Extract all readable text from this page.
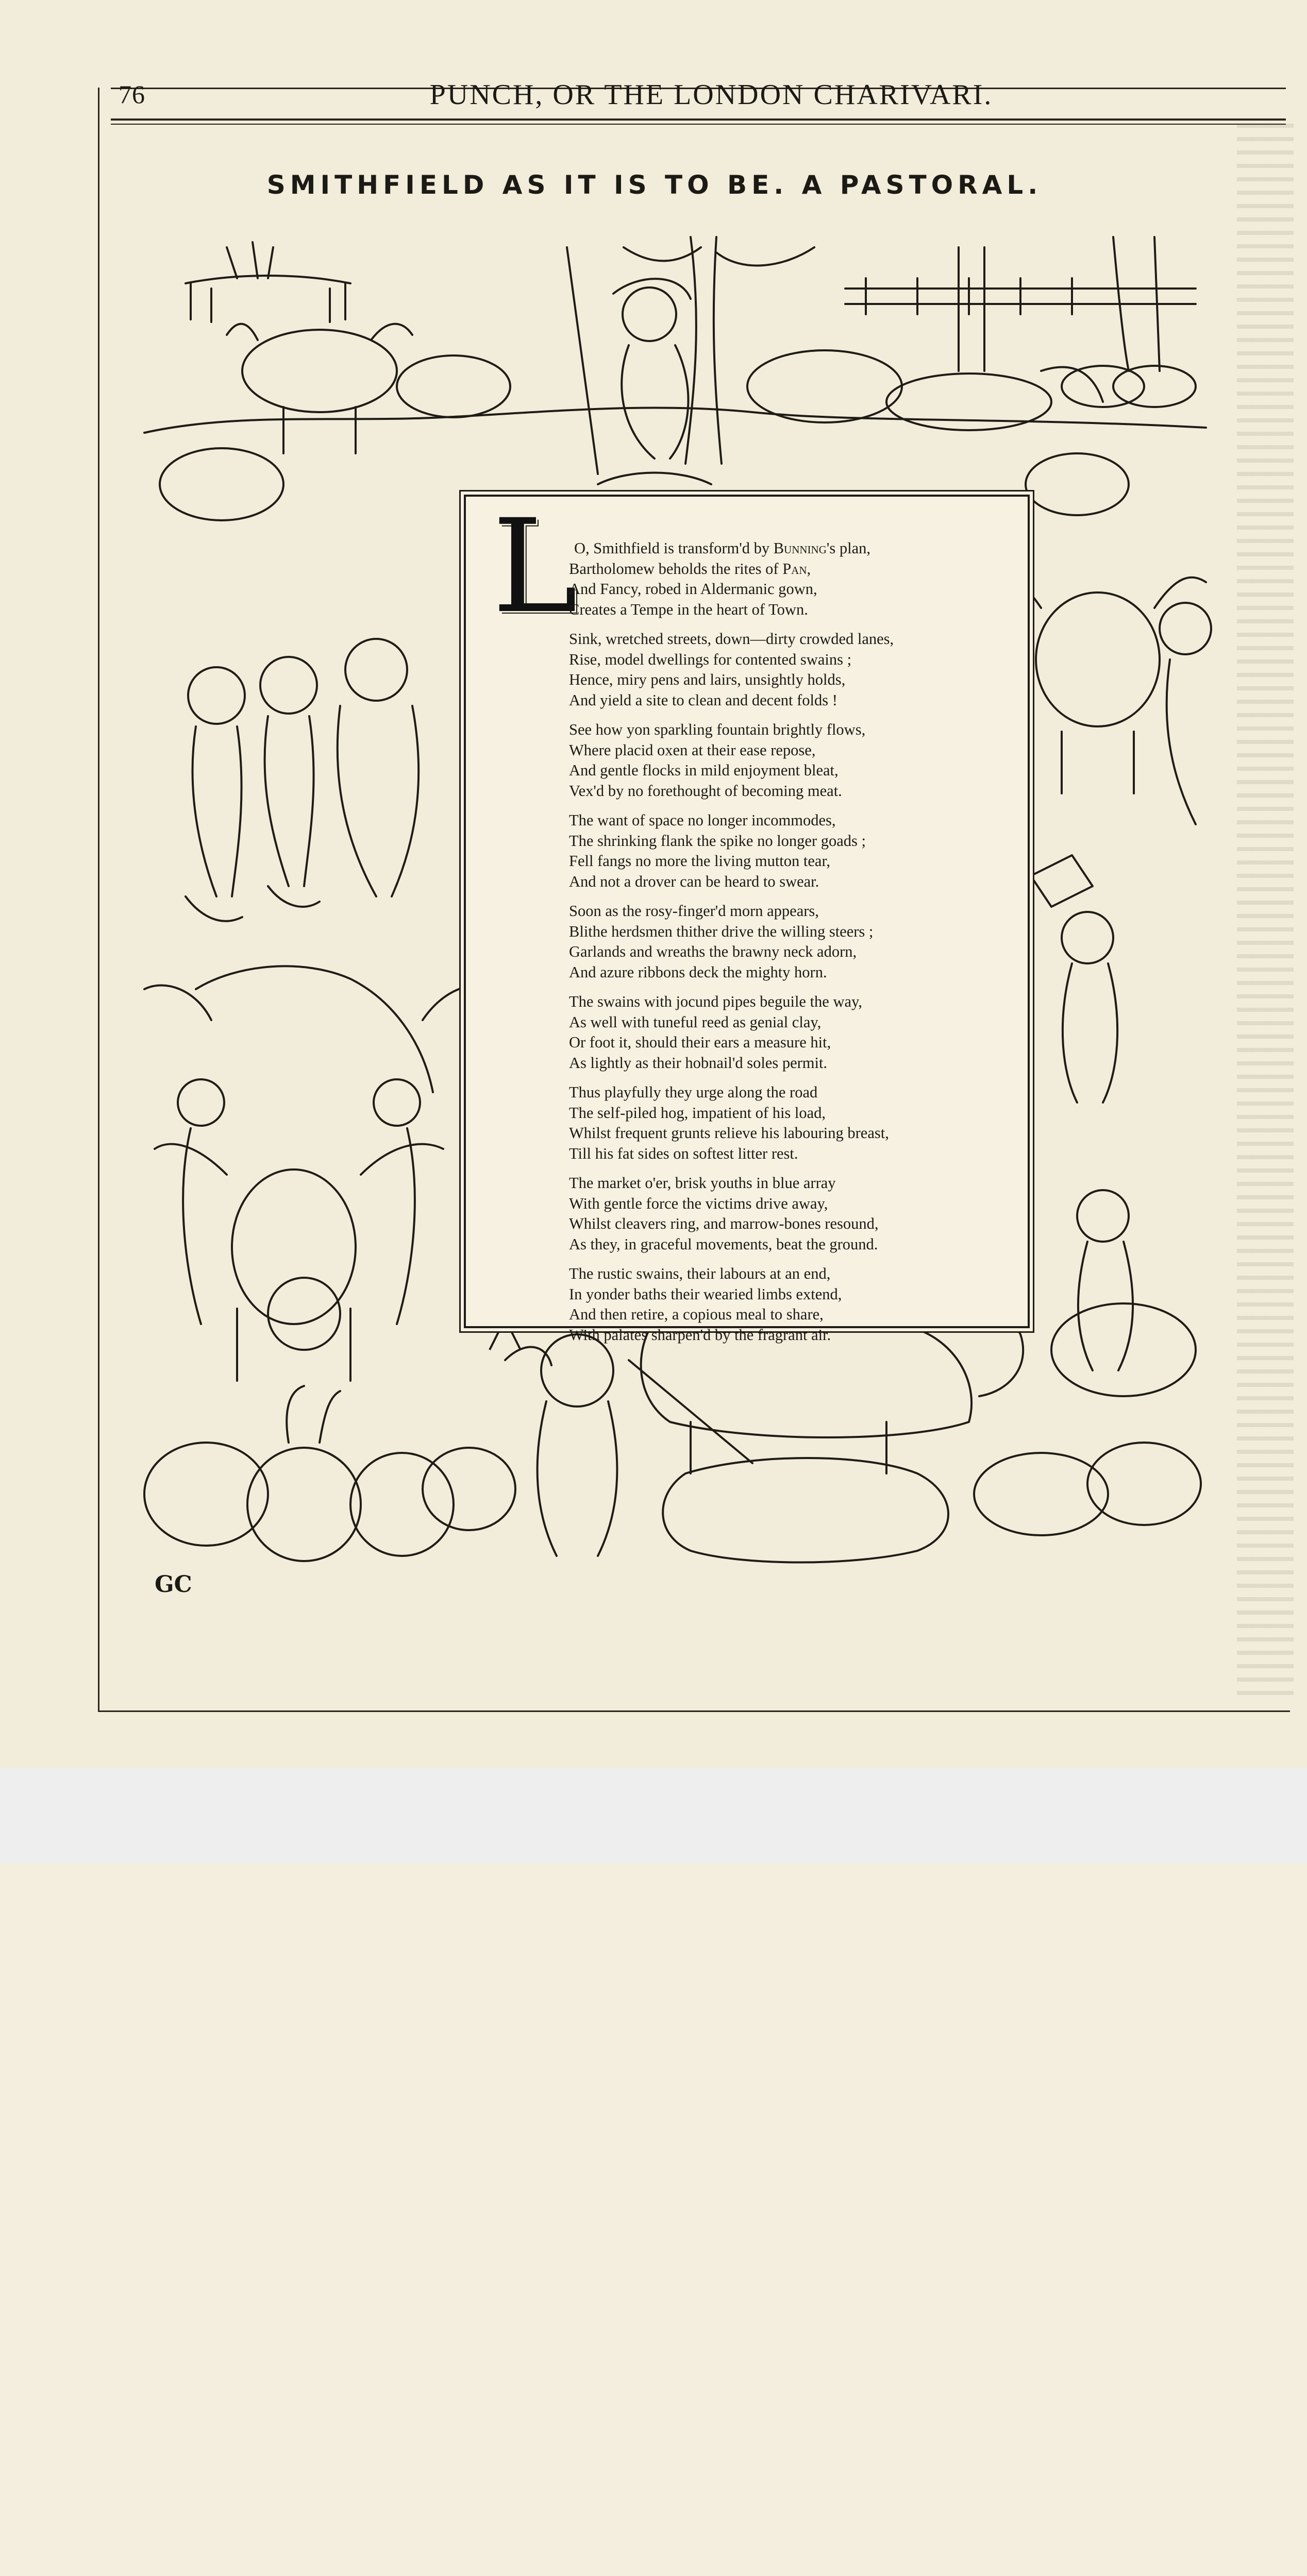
76	PUNCH, OR THE LONDON CHARIVARI.
SMITHFIELD AS IT IS TO BE. A PASTORAL.
L
O, Smithfield is transform'd by Bunning's plan,
Bartholomew beholds the rites of Pan,
And Fancy, robed in Aldermanic gown,
Creates a Tempe in the heart of Town.
Sink, wretched streets, down—dirty crowded lanes,
Rise, model dwellings for contented swains ;
Hence, miry pens and lairs, unsightly holds,
And yield a site to clean and decent folds !
See how yon sparkling fountain brightly flows,
Where placid oxen at their ease repose,
And gentle flocks in mild enjoyment bleat,
Vex'd by no forethought of becoming meat.
The want of space no longer incommodes,
The shrinking flank the spike no longer goads ;
Fell fangs no more the living mutton tear,
And not a drover can be heard to swear.
Soon as the rosy-finger'd morn appears,
Blithe herdsmen thither drive the willing steers ;
Garlands and wreaths the brawny neck adorn,
And azure ribbons deck the mighty horn.
The swains with jocund pipes beguile the way,
As well with tuneful reed as genial clay,
Or foot it, should their ears a measure hit,
As lightly as their hobnail'd soles permit.
Thus playfully they urge along the road
The self-piled hog, impatient of his load,
Whilst frequent grunts relieve his labouring breast,
Till his fat sides on softest litter rest.
The market o'er, brisk youths in blue array
With gentle force the victims drive away,
Whilst cleavers ring, and marrow-bones resound,
As they, in graceful movements, beat the ground.
The rustic swains, their labours at an end,
In yonder baths their wearied limbs extend,
And then retire, a copious meal to share,
With palates sharpen'd by the fragrant air.
GC
